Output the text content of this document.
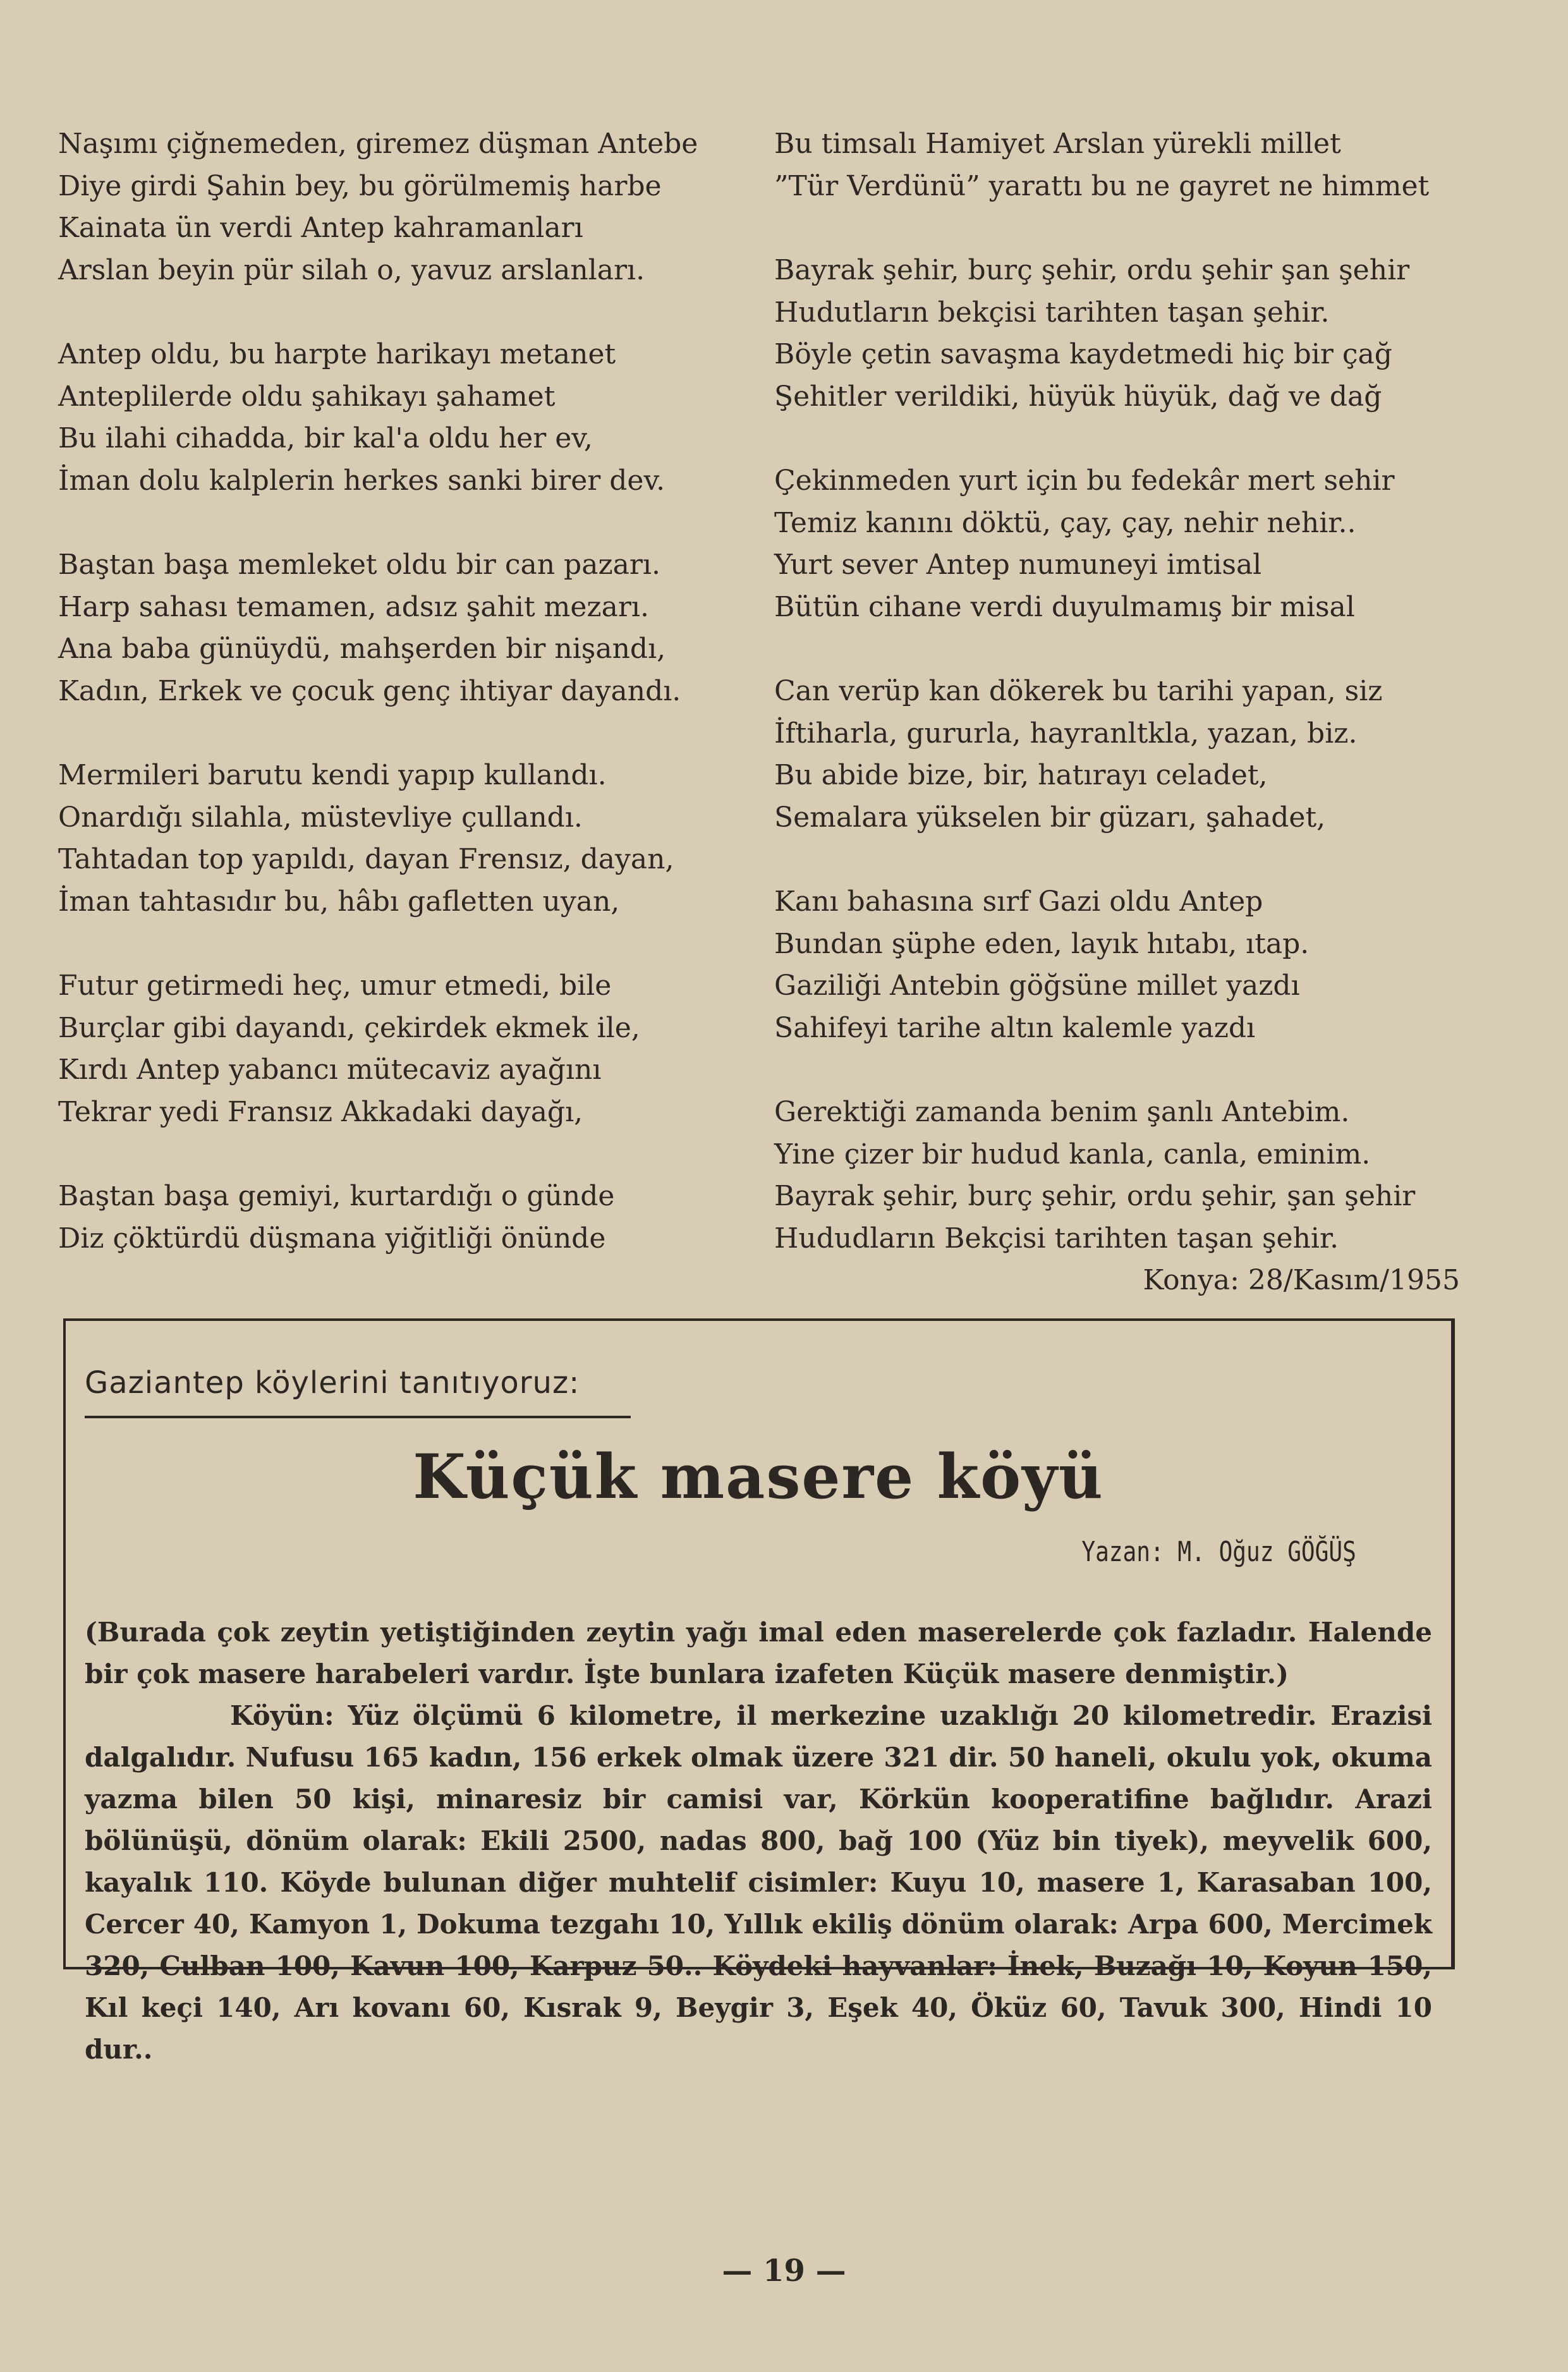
Naşımı çiğnemeden, giremez düşman Antebe
Diye girdi Şahin bey, bu görülmemiş harbe
Kainata ün verdi Antep kahramanları
Arslan beyin pür silah o, yavuz arslanları.
Antep oldu, bu harpte harikayı metanet
Anteplilerde oldu şahikayı şahamet
Bu ilahi cihadda, bir kal'a oldu her ev,
İman dolu kalplerin herkes sanki birer dev.
Baştan başa memleket oldu bir can pazarı.
Harp sahası temamen, adsız şahit mezarı.
Ana baba günüydü, mahşerden bir nişandı,
Kadın, Erkek ve çocuk genç ihtiyar dayandı.
Mermileri barutu kendi yapıp kullandı.
Onardığı silahla, müstevliye çullandı.
Tahtadan top yapıldı, dayan Frensız, dayan,
İman tahtasıdır bu, hâbı gafletten uyan,
Futur getirmedi heç, umur etmedi, bile
Burçlar gibi dayandı, çekirdek ekmek ile,
Kırdı Antep yabancı mütecaviz ayağını
Tekrar yedi Fransız Akkadaki dayağı,
Baştan başa gemiyi, kurtardığı o günde
Diz çöktürdü düşmana yiğitliği önünde
Bu timsalı Hamiyet Arslan yürekli millet
”Tür Verdünü” yarattı bu ne gayret ne himmet
Bayrak şehir, burç şehir, ordu şehir şan şehir
Hudutların bekçisi tarihten taşan şehir.
Böyle çetin savaşma kaydetmedi hiç bir çağ
Şehitler verildiki, hüyük hüyük, dağ ve dağ
Çekinmeden yurt için bu fedekâr mert sehir
Temiz kanını döktü, çay, çay, nehir nehir..
Yurt sever Antep numuneyi imtisal
Bütün cihane verdi duyulmamış bir misal
Can verüp kan dökerek bu tarihi yapan, siz
İftiharla, gururla, hayranltkla, yazan, biz.
Bu abide bize, bir, hatırayı celadet,
Semalara yükselen bir güzarı, şahadet,
Kanı bahasına sırf Gazi oldu Antep
Bundan şüphe eden, layık hıtabı, ıtap.
Gaziliği Antebin göğsüne millet yazdı
Sahifeyi tarihe altın kalemle yazdı
Gerektiği zamanda benim şanlı Antebim.
Yine çizer bir hudud kanla, canla, eminim.
Bayrak şehir, burç şehir, ordu şehir, şan şehir
Hududların Bekçisi tarihten taşan şehir.
Konya: 28/Kasım/1955
Gaziantep köylerini tanıtıyoruz:
Küçük masere köyü
Yazan: M. Oğuz GÖĞÜŞ

(Burada çok zeytin yetiştiğinden zeytin yağı imal eden maserelerde çok fazladır. Halende bir çok masere harabeleri vardır. İşte bunlara izafeten Küçük masere denmiştir.)

Köyün: Yüz ölçümü 6 kilometre, il merkezine uzaklığı 20 kilometredir. Erazisi dalgalıdır. Nufusu 165 kadın, 156 erkek olmak üzere 321 dir. 50 haneli, okulu yok, okuma yazma bilen 50 kişi, minaresiz bir camisi var, Körkün kooperatifine bağlıdır. Arazi bölünüşü, dönüm olarak: Ekili 2500, nadas 800, bağ 100 (Yüz bin tiyek), meyvelik 600, kayalık 110. Köyde bulunan diğer muhtelif cisimler: Kuyu 10, masere 1, Karasaban 100, Cercer 40, Kamyon 1, Dokuma tezgahı 10, Yıllık ekiliş dönüm olarak: Arpa 600, Mercimek 320, Culban 100, Kavun 100, Karpuz 50.. Köydeki hayvanlar: İnek, Buzağı 10, Koyun 150, Kıl keçi 140, Arı kovanı 60, Kısrak 9, Beygir 3, Eşek 40, Öküz 60, Tavuk 300, Hindi 10 dur..

— 19 —
